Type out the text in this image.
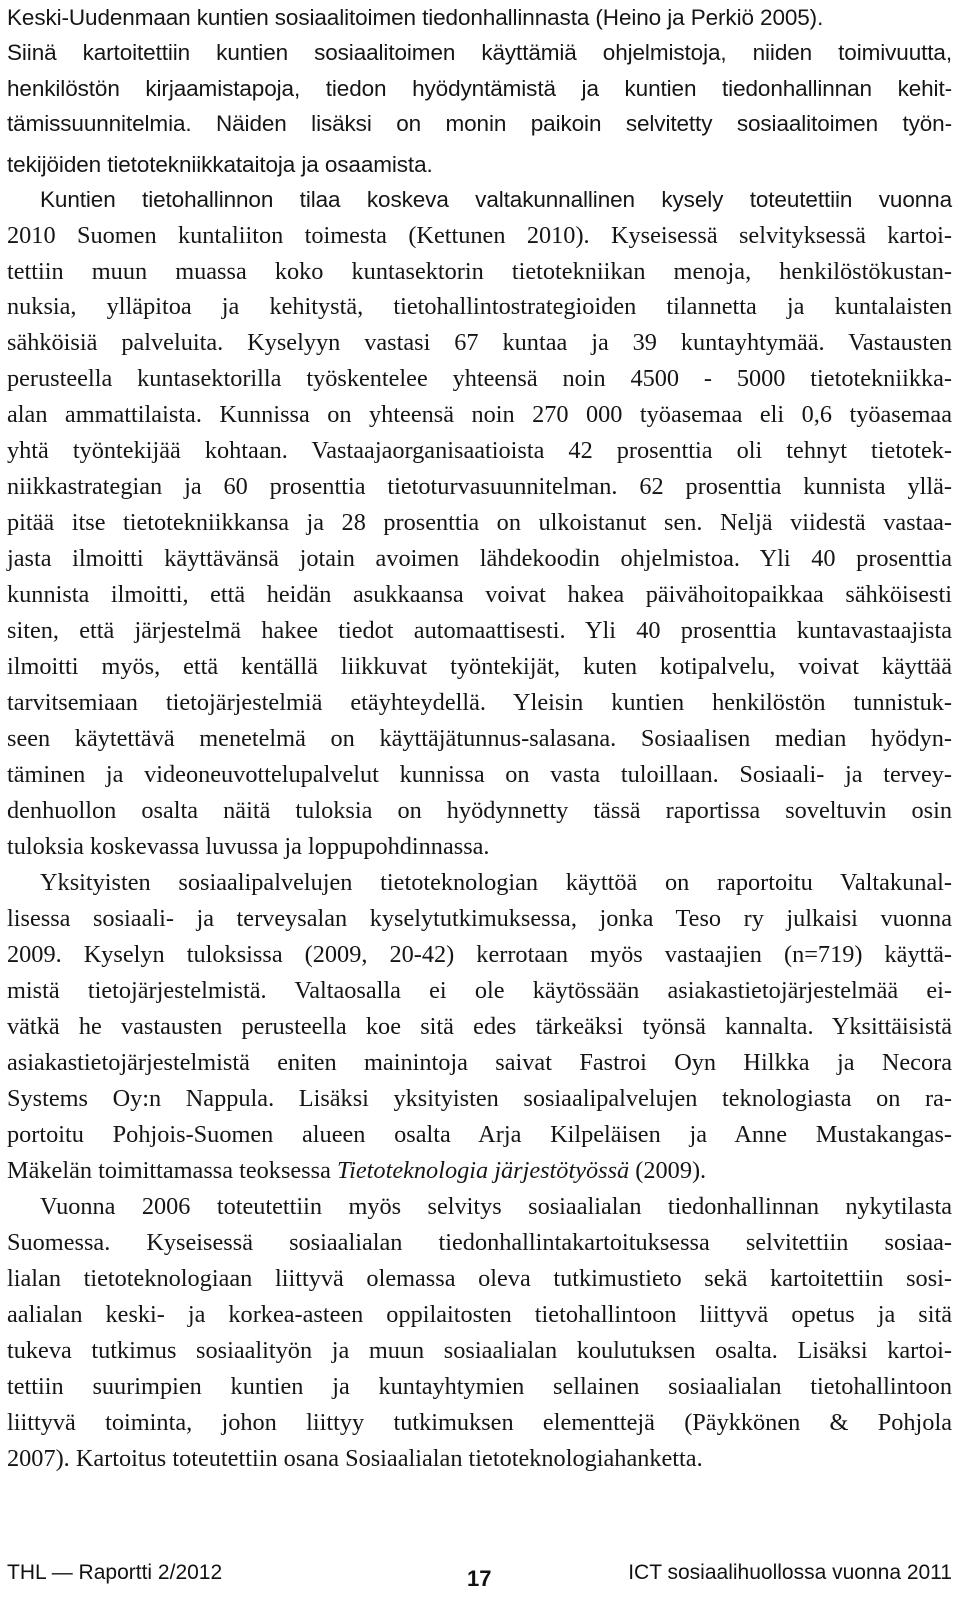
Keski-Uudenmaan kuntien sosiaalitoimen tiedonhallinnasta (Heino ja Perkiö 2005).
Siinä kartoitettiin kuntien sosiaalitoimen käyttämiä ohjelmistoja, niiden toimivuutta,
henkilöstön kirjaamistapoja, tiedon hyödyntämistä ja kuntien tiedonhallinnan kehit-
tämissuunnitelmia. Näiden lisäksi on monin paikoin selvitetty sosiaalitoimen työn-
tekijöiden tietotekniikkataitoja ja osaamista.
Kuntien tietohallinnon tilaa koskeva valtakunnallinen kysely toteutettiin vuonna
2010 Suomen kuntaliiton toimesta (Kettunen 2010). Kyseisessä selvityksessä kartoi-
tettiin muun muassa koko kuntasektorin tietotekniikan menoja, henkilöstökustan-
nuksia, ylläpitoa ja kehitystä, tietohallintostrategioiden tilannetta ja kuntalaisten
sähköisiä palveluita. Kyselyyn vastasi 67 kuntaa ja 39 kuntayhtymää. Vastausten
perusteella kuntasektorilla työskentelee yhteensä noin 4500 - 5000 tietotekniikka-
alan ammattilaista. Kunnissa on yhteensä noin 270 000 työasemaa eli 0,6 työasemaa
yhtä työntekijää kohtaan. Vastaajaorganisaatioista 42 prosenttia oli tehnyt tietotek-
niikkastrategian ja 60 prosenttia tietoturvasuunnitelman. 62 prosenttia kunnista yllä-
pitää itse tietotekniikkansa ja 28 prosenttia on ulkoistanut sen. Neljä viidestä vastaa-
jasta ilmoitti käyttävänsä jotain avoimen lähdekoodin ohjelmistoa. Yli 40 prosenttia
kunnista ilmoitti, että heidän asukkaansa voivat hakea päivähoitopaikkaa sähköisesti
siten, että järjestelmä hakee tiedot automaattisesti. Yli 40 prosenttia kuntavastaajista
ilmoitti myös, että kentällä liikkuvat työntekijät, kuten kotipalvelu, voivat käyttää
tarvitsemiaan tietojärjestelmiä etäyhteydellä. Yleisin kuntien henkilöstön tunnistuk-
seen käytettävä menetelmä on käyttäjätunnus-salasana. Sosiaalisen median hyödyn-
täminen ja videoneuvottelupalvelut kunnissa on vasta tuloillaan. Sosiaali- ja tervey-
denhuollon osalta näitä tuloksia on hyödynnetty tässä raportissa soveltuvin osin
tuloksia koskevassa luvussa ja loppupohdinnassa.
Yksityisten sosiaalipalvelujen tietoteknologian käyttöä on raportoitu Valtakunal-
lisessa sosiaali- ja terveysalan kyselytutkimuksessa, jonka Teso ry julkaisi vuonna
2009. Kyselyn tuloksissa (2009, 20-42) kerrotaan myös vastaajien (n=719) käyttä-
mistä tietojärjestelmistä. Valtaosalla ei ole käytössään asiakastietojärjestelmää ei-
vätkä he vastausten perusteella koe sitä edes tärkeäksi työnsä kannalta. Yksittäisistä
asiakastietojärjestelmistä eniten mainintoja saivat Fastroi Oyn Hilkka ja Necora
Systems Oy:n Nappula. Lisäksi yksityisten sosiaalipalvelujen teknologiasta on ra-
portoitu Pohjois-Suomen alueen osalta Arja Kilpeläisen ja Anne Mustakangas-
Mäkelän toimittamassa teoksessa Tietoteknologia järjestötyössä (2009).
Vuonna 2006 toteutettiin myös selvitys sosiaalialan tiedonhallinnan nykytilasta
Suomessa. Kyseisessä sosiaalialan tiedonhallintakartoituksessa selvitettiin sosiaa-
lialan tietoteknologiaan liittyvä olemassa oleva tutkimustieto sekä kartoitettiin sosi-
aalialan keski- ja korkea-asteen oppilaitosten tietohallintoon liittyvä opetus ja sitä
tukeva tutkimus sosiaalityön ja muun sosiaalialan koulutuksen osalta. Lisäksi kartoi-
tettiin suurimpien kuntien ja kuntayhtymien sellainen sosiaalialan tietohallintoon
liittyvä toiminta, johon liittyy tutkimuksen elementtejä (Päykkönen & Pohjola
2007). Kartoitus toteutettiin osana Sosiaalialan tietoteknologiahanketta.
THL — Raportti 2/2012	17	ICT sosiaalihuollossa vuonna 2011
